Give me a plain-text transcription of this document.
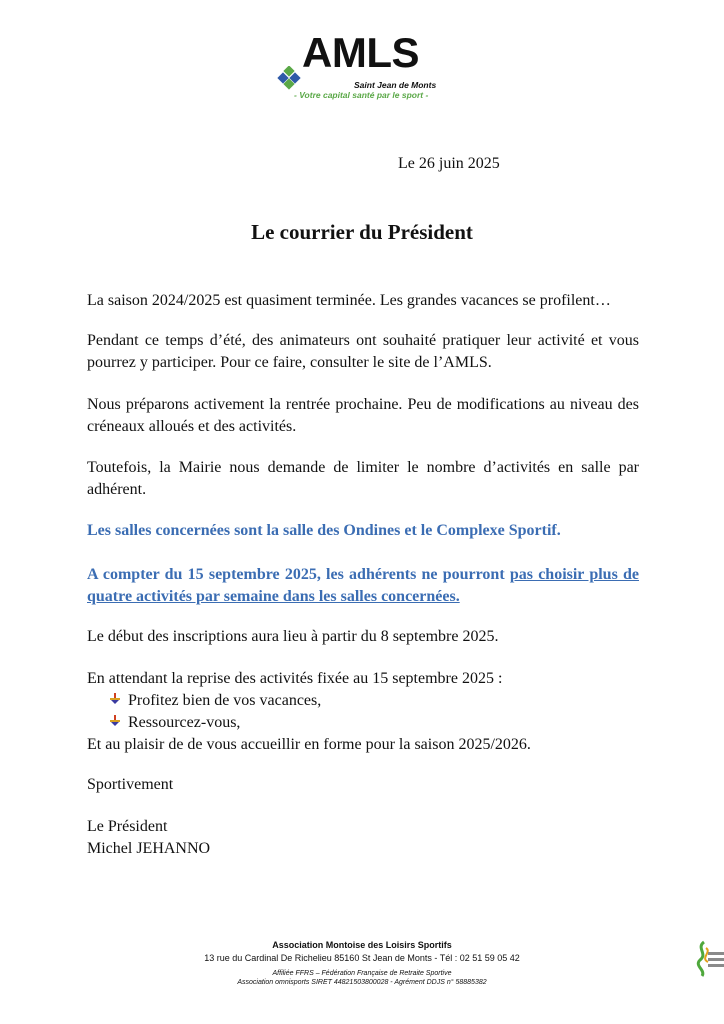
AMLS
Saint Jean de Monts
- Votre capital santé par le sport -
Le 26 juin 2025
Le courrier du Président
La saison 2024/2025 est quasiment terminée. Les grandes vacances se profilent…
Pendant ce temps d’été, des animateurs ont souhaité pratiquer leur activité et vous pourrez y participer. Pour ce faire, consulter le site de l’AMLS.
Nous préparons activement la rentrée prochaine. Peu de modifications au niveau des créneaux alloués et des activités.
Toutefois, la Mairie nous demande de limiter le nombre d’activités en salle par adhérent.
Les salles concernées sont la salle des Ondines et le Complexe Sportif.
A compter du 15 septembre 2025, les adhérents ne pourront pas choisir plus de quatre activités par semaine dans les salles concernées.
Le début des inscriptions aura lieu à partir du 8 septembre 2025.
En attendant la reprise des activités fixée au 15 septembre 2025 :
Profitez bien de vos vacances,
Ressourcez-vous,
Et au plaisir de de vous accueillir en forme pour la saison 2025/2026.
Sportivement
Le Président
Michel JEHANNO
Association Montoise des Loisirs Sportifs
13 rue du Cardinal De Richelieu 85160 St Jean de Monts - Tél : 02 51 59 05 42
Affiliée FFRS – Fédération Française de Retraite Sportive
Association omnisports SIRET 44821503800028 - Agrément DDJS n° 58885382
